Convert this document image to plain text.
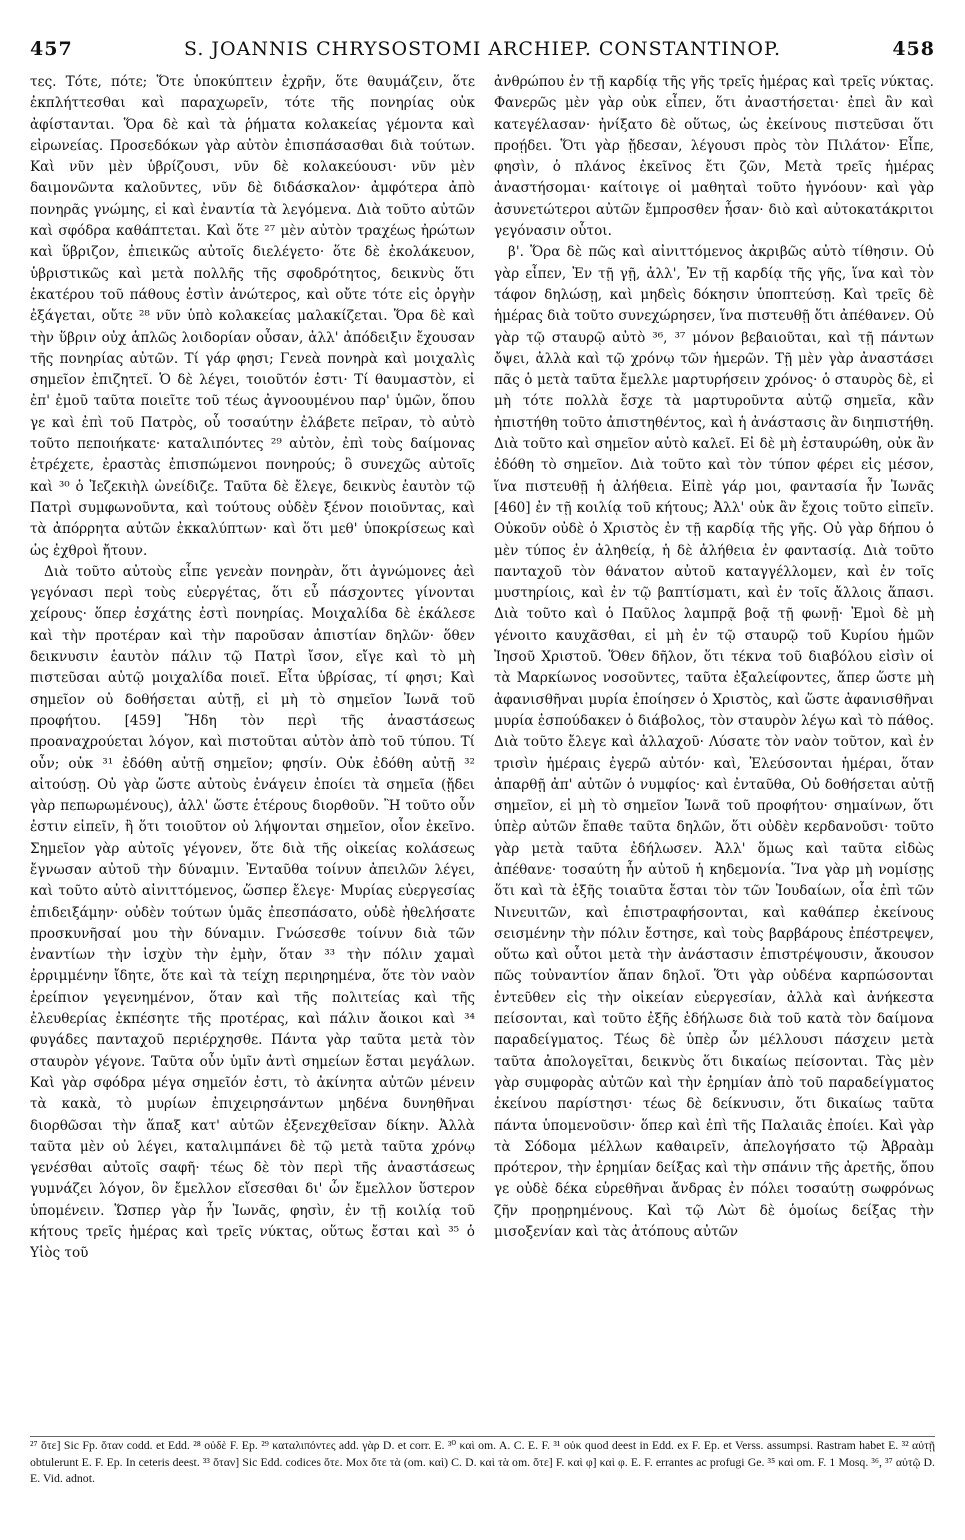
457	S. JOANNIS CHRYSOSTOMI ARCHIEP. CONSTANTINOP.	458

τες. Τότε, πότε; Ὅτε ὑποκύπτειν ἐχρῆν, ὅτε θαυμάζειν, ὅτε ἐκπλήττεσθαι καὶ παραχωρεῖν, τότε τῆς πονηρίας οὐκ ἀφίστανται. Ὅρα δὲ καὶ τὰ ῥήματα κολακείας γέμοντα καὶ εἰρωνείας. Προσεδόκων γὰρ αὐτὸν ἐπισπάσασθαι διὰ τούτων. Καὶ νῦν μὲν ὑβρίζουσι, νῦν δὲ κολακεύουσι· νῦν μὲν δαιμονῶντα καλοῦντες, νῦν δὲ διδάσκαλον· ἀμφότερα ἀπὸ πονηρᾶς γνώμης, εἰ καὶ ἐναντία τὰ λεγόμενα. Διὰ τοῦτο αὐτῶν καὶ σφόδρα καθάπτεται. Καὶ ὅτε ²⁷ μὲν αὐτὸν τραχέως ἠρώτων καὶ ὕβριζον, ἐπιεικῶς αὐτοῖς διελέγετο· ὅτε δὲ ἐκολάκευον, ὑβριστικῶς καὶ μετὰ πολλῆς τῆς σφοδρότητος, δεικνὺς ὅτι ἑκατέρου τοῦ πάθους ἐστὶν ἀνώτερος, καὶ οὔτε τότε εἰς ὀργὴν ἐξάγεται, οὔτε ²⁸ νῦν ὑπὸ κολακείας μαλακίζεται. Ὅρα δὲ καὶ τὴν ὕβριν οὐχ ἁπλῶς λοιδορίαν οὖσαν, ἀλλ' ἀπόδειξιν ἔχουσαν τῆς πονηρίας αὐτῶν. Τί γάρ φησι; Γενεὰ πονηρὰ καὶ μοιχαλὶς σημεῖον ἐπιζητεῖ. Ὁ δὲ λέγει, τοιοῦτόν ἐστι· Τί θαυμαστὸν, εἰ ἐπ' ἐμοῦ ταῦτα ποιεῖτε τοῦ τέως ἀγνοουμένου παρ' ὑμῶν, ὅπου γε καὶ ἐπὶ τοῦ Πατρὸς, οὗ τοσαύτην ἐλάβετε πεῖραν, τὸ αὐτὸ τοῦτο πεποιήκατε· καταλιπόντες ²⁹ αὐτὸν, ἐπὶ τοὺς δαίμονας ἐτρέχετε, ἐραστὰς ἐπισπώμενοι πονηρούς; ὃ συνεχῶς αὐτοῖς καὶ ³⁰ ὁ Ἰεζεκιὴλ ὠνείδιζε. Ταῦτα δὲ ἔλεγε, δεικνὺς ἑαυτὸν τῷ Πατρὶ συμφωνοῦντα, καὶ τούτους οὐδὲν ξένον ποιοῦντας, καὶ τὰ ἀπόρρητα αὐτῶν ἐκκαλύπτων· καὶ ὅτι μεθ' ὑποκρίσεως καὶ ὡς ἐχθροὶ ἤτουν.

Διὰ τοῦτο αὐτοὺς εἶπε γενεὰν πονηρὰν, ὅτι ἀγνώμονες ἀεὶ γεγόνασι περὶ τοὺς εὐεργέτας, ὅτι εὖ πάσχοντες γίνονται χείρους· ὅπερ ἐσχάτης ἐστὶ πονηρίας. Μοιχαλίδα δὲ ἐκάλεσε καὶ τὴν προτέραν καὶ τὴν παροῦσαν ἀπιστίαν δηλῶν· ὅθεν δεικνυσιν ἑαυτὸν πάλιν τῷ Πατρὶ ἴσον, εἴγε καὶ τὸ μὴ πιστεῦσαι αὐτῷ μοιχαλίδα ποιεῖ. Εἶτα ὑβρίσας, τί φησι; Καὶ σημεῖον οὐ δοθήσεται αὐτῇ, εἰ μὴ τὸ σημεῖον Ἰωνᾶ τοῦ προφήτου. [459] Ἤδη τὸν περὶ τῆς ἀναστάσεως προαναχρούεται λόγον, καὶ πιστοῦται αὐτὸν ἀπὸ τοῦ τύπου. Τί οὖν; οὐκ ³¹ ἐδόθη αὐτῇ σημεῖον; φησίν. Οὐκ ἐδόθη αὐτῇ ³² αἰτούσῃ. Οὐ γὰρ ὥστε αὐτοὺς ἐνάγειν ἐποίει τὰ σημεῖα (ᾔδει γὰρ πεπωρωμένους), ἀλλ' ὥστε ἑτέρους διορθοῦν. Ἢ τοῦτο οὖν ἐστιν εἰπεῖν, ἢ ὅτι τοιοῦτον οὐ λήψονται σημεῖον, οἷον ἐκεῖνο. Σημεῖον γὰρ αὐτοῖς γέγονεν, ὅτε διὰ τῆς οἰκείας κολάσεως ἔγνωσαν αὐτοῦ τὴν δύναμιν. Ἐνταῦθα τοίνυν ἀπειλῶν λέγει, καὶ τοῦτο αὐτὸ αἰνιττόμενος, ὥσπερ ἔλεγε· Μυρίας εὐεργεσίας ἐπιδειξάμην· οὐδὲν τούτων ὑμᾶς ἐπεσπάσατο, οὐδὲ ἠθελήσατε προσκυνῆσαί μου τὴν δύναμιν. Γνώσεσθε τοίνυν διὰ τῶν ἐναντίων τὴν ἰσχὺν τὴν ἐμὴν, ὅταν ³³ τὴν πόλιν χαμαὶ ἐρριμμένην ἴδητε, ὅτε καὶ τὰ τείχη περιηρημένα, ὅτε τὸν ναὸν ἐρείπιον γεγενημένον, ὅταν καὶ τῆς πολιτείας καὶ τῆς ἐλευθερίας ἐκπέσητε τῆς προτέρας, καὶ πάλιν ἄοικοι καὶ ³⁴ φυγάδες πανταχοῦ περιέρχησθε. Πάντα γὰρ ταῦτα μετὰ τὸν σταυρὸν γέγονε. Ταῦτα οὖν ὑμῖν ἀντὶ σημείων ἔσται μεγάλων. Καὶ γὰρ σφόδρα μέγα σημεῖόν ἐστι, τὸ ἀκίνητα αὐτῶν μένειν τὰ κακὰ, τὸ μυρίων ἐπιχειρησάντων μηδένα δυνηθῆναι διορθῶσαι τὴν ἅπαξ κατ' αὐτῶν ἐξενεχθεῖσαν δίκην. Ἀλλὰ ταῦτα μὲν οὐ λέγει, καταλιμπάνει δὲ τῷ μετὰ ταῦτα χρόνῳ γενέσθαι αὐτοῖς σαφῆ· τέως δὲ τὸν περὶ τῆς ἀναστάσεως γυμνάζει λόγον, ὃν ἔμελλον εἴσεσθαι δι' ὧν ἔμελλον ὕστερον ὑπομένειν. Ὥσπερ γὰρ ἦν Ἰωνᾶς, φησὶν, ἐν τῇ κοιλίᾳ τοῦ κήτους τρεῖς ἡμέρας καὶ τρεῖς νύκτας, οὕτως ἔσται καὶ ³⁵ ὁ Υἱὸς τοῦ

ἀνθρώπου ἐν τῇ καρδίᾳ τῆς γῆς τρεῖς ἡμέρας καὶ τρεῖς νύκτας. Φανερῶς μὲν γὰρ οὐκ εἶπεν, ὅτι ἀναστήσεται· ἐπεὶ ἂν καὶ κατεγέλασαν· ἠνίξατο δὲ οὕτως, ὡς ἐκείνους πιστεῦσαι ὅτι προῄδει. Ὅτι γὰρ ᾔδεσαν, λέγουσι πρὸς τὸν Πιλάτον· Εἶπε, φησὶν, ὁ πλάνος ἐκεῖνος ἔτι ζῶν, Μετὰ τρεῖς ἡμέρας ἀναστήσομαι· καίτοιγε οἱ μαθηταὶ τοῦτο ἠγνόουν· καὶ γὰρ ἀσυνετώτεροι αὐτῶν ἔμπροσθεν ἦσαν· διὸ καὶ αὐτοκατάκριτοι γεγόνασιν οὗτοι.

β'. Ὅρα δὲ πῶς καὶ αἰνιττόμενος ἀκριβῶς αὐτὸ τίθησιν. Οὐ γὰρ εἶπεν, Ἐν τῇ γῇ, ἀλλ', Ἐν τῇ καρδίᾳ τῆς γῆς, ἵνα καὶ τὸν τάφον δηλώσῃ, καὶ μηδεὶς δόκησιν ὑποπτεύσῃ. Καὶ τρεῖς δὲ ἡμέρας διὰ τοῦτο συνεχώρησεν, ἵνα πιστευθῇ ὅτι ἀπέθανεν. Οὐ γὰρ τῷ σταυρῷ αὐτὸ ³⁶, ³⁷ μόνον βεβαιοῦται, καὶ τῇ πάντων ὄψει, ἀλλὰ καὶ τῷ χρόνῳ τῶν ἡμερῶν. Τῇ μὲν γὰρ ἀναστάσει πᾶς ὁ μετὰ ταῦτα ἔμελλε μαρτυρήσειν χρόνος· ὁ σταυρὸς δὲ, εἰ μὴ τότε πολλὰ ἔσχε τὰ μαρτυροῦντα αὐτῷ σημεῖα, κἂν ἠπιστήθη τοῦτο ἀπιστηθέντος, καὶ ἡ ἀνάστασις ἂν διηπιστήθη. Διὰ τοῦτο καὶ σημεῖον αὐτὸ καλεῖ. Εἰ δὲ μὴ ἐσταυρώθη, οὐκ ἂν ἐδόθη τὸ σημεῖον. Διὰ τοῦτο καὶ τὸν τύπον φέρει εἰς μέσον, ἵνα πιστευθῇ ἡ ἀλήθεια. Εἰπὲ γάρ μοι, φαντασία ἦν Ἰωνᾶς [460] ἐν τῇ κοιλίᾳ τοῦ κήτους; Ἀλλ' οὐκ ἂν ἔχοις τοῦτο εἰπεῖν. Οὐκοῦν οὐδὲ ὁ Χριστὸς ἐν τῇ καρδίᾳ τῆς γῆς. Οὐ γὰρ δήπου ὁ μὲν τύπος ἐν ἀληθείᾳ, ἡ δὲ ἀλήθεια ἐν φαντασίᾳ. Διὰ τοῦτο πανταχοῦ τὸν θάνατον αὐτοῦ καταγγέλλομεν, καὶ ἐν τοῖς μυστηρίοις, καὶ ἐν τῷ βαπτίσματι, καὶ ἐν τοῖς ἄλλοις ἅπασι. Διὰ τοῦτο καὶ ὁ Παῦλος λαμπρᾷ βοᾷ τῇ φωνῇ· Ἐμοὶ δὲ μὴ γένοιτο καυχᾶσθαι, εἰ μὴ ἐν τῷ σταυρῷ τοῦ Κυρίου ἡμῶν Ἰησοῦ Χριστοῦ. Ὅθεν δῆλον, ὅτι τέκνα τοῦ διαβόλου εἰσὶν οἱ τὰ Μαρκίωνος νοσοῦντες, ταῦτα ἐξαλείφοντες, ἅπερ ὥστε μὴ ἀφανισθῆναι μυρία ἐποίησεν ὁ Χριστὸς, καὶ ὥστε ἀφανισθῆναι μυρία ἐσπούδακεν ὁ διάβολος, τὸν σταυρὸν λέγω καὶ τὸ πάθος. Διὰ τοῦτο ἔλεγε καὶ ἀλλαχοῦ· Λύσατε τὸν ναὸν τοῦτον, καὶ ἐν τρισὶν ἡμέραις ἐγερῶ αὐτόν· καὶ, Ἐλεύσονται ἡμέραι, ὅταν ἀπαρθῇ ἀπ' αὐτῶν ὁ νυμφίος· καὶ ἐνταῦθα, Οὐ δοθήσεται αὐτῇ σημεῖον, εἰ μὴ τὸ σημεῖον Ἰωνᾶ τοῦ προφήτου· σημαίνων, ὅτι ὑπὲρ αὐτῶν ἔπαθε ταῦτα δηλῶν, ὅτι οὐδὲν κερδανοῦσι· τοῦτο γὰρ μετὰ ταῦτα ἐδήλωσεν. Ἀλλ' ὅμως καὶ ταῦτα εἰδὼς ἀπέθανε· τοσαύτη ἦν αὐτοῦ ἡ κηδεμονία. Ἵνα γὰρ μὴ νομίσῃς ὅτι καὶ τὰ ἑξῆς τοιαῦτα ἔσται τὸν τῶν Ἰουδαίων, οἷα ἐπὶ τῶν Νινευιτῶν, καὶ ἐπιστραφήσονται, καὶ καθάπερ ἐκείνους σεισμένην τὴν πόλιν ἔστησε, καὶ τοὺς βαρβάρους ἐπέστρεψεν, οὕτω καὶ οὗτοι μετὰ τὴν ἀνάστασιν ἐπιστρέψουσιν, ἄκουσον πῶς τοὐναντίον ἅπαν δηλοῖ. Ὅτι γὰρ οὐδένα καρπώσονται ἐντεῦθεν εἰς τὴν οἰκείαν εὐεργεσίαν, ἀλλὰ καὶ ἀνήκεστα πείσονται, καὶ τοῦτο ἐξῆς ἐδήλωσε διὰ τοῦ κατὰ τὸν δαίμονα παραδείγματος. Τέως δὲ ὑπὲρ ὧν μέλλουσι πάσχειν μετὰ ταῦτα ἀπολογεῖται, δεικνὺς ὅτι δικαίως πείσονται. Τὰς μὲν γὰρ συμφορὰς αὐτῶν καὶ τὴν ἐρημίαν ἀπὸ τοῦ παραδείγματος ἐκείνου παρίστησι· τέως δὲ δείκνυσιν, ὅτι δικαίως ταῦτα πάντα ὑπομενοῦσιν· ὅπερ καὶ ἐπὶ τῆς Παλαιᾶς ἐποίει. Καὶ γὰρ τὰ Σόδομα μέλλων καθαιρεῖν, ἀπελογήσατο τῷ Ἀβραὰμ πρότερον, τὴν ἐρημίαν δείξας καὶ τὴν σπάνιν τῆς ἀρετῆς, ὅπου γε οὐδὲ δέκα εὑρεθῆναι ἄνδρας ἐν πόλει τοσαύτῃ σωφρόνως ζῆν προῃρημένους. Καὶ τῷ Λὼτ δὲ ὁμοίως δείξας τὴν μισοξενίαν καὶ τὰς ἀτόπους αὐτῶν

²⁷ ὅτε] Sic Fp. ὅταν codd. et Edd. ²⁸ οὐδὲ F. Ep. ²⁹ καταλιπόντες add. γὰρ D. et corr. E. ³⁰ καὶ om. A. C. E. F. ³¹ οὐκ quod deest in Edd. ex F. Ep. et Verss. assumpsi. Rastram habet E. ³² αὐτῇ obtulerunt E. F. Ep. In ceteris deest. ³³ ὅταν] Sic Edd. codices ὅτε. Mox ὅτε τὰ (om. καὶ) C. D. καὶ τὰ om. ὅτε] F. καὶ φ] καὶ φ. E. F. errantes ac profugi Ge. ³⁵ καὶ om. F. 1 Mosq. ³⁶, ³⁷ αὐτῷ D. E. Vid. adnot.
